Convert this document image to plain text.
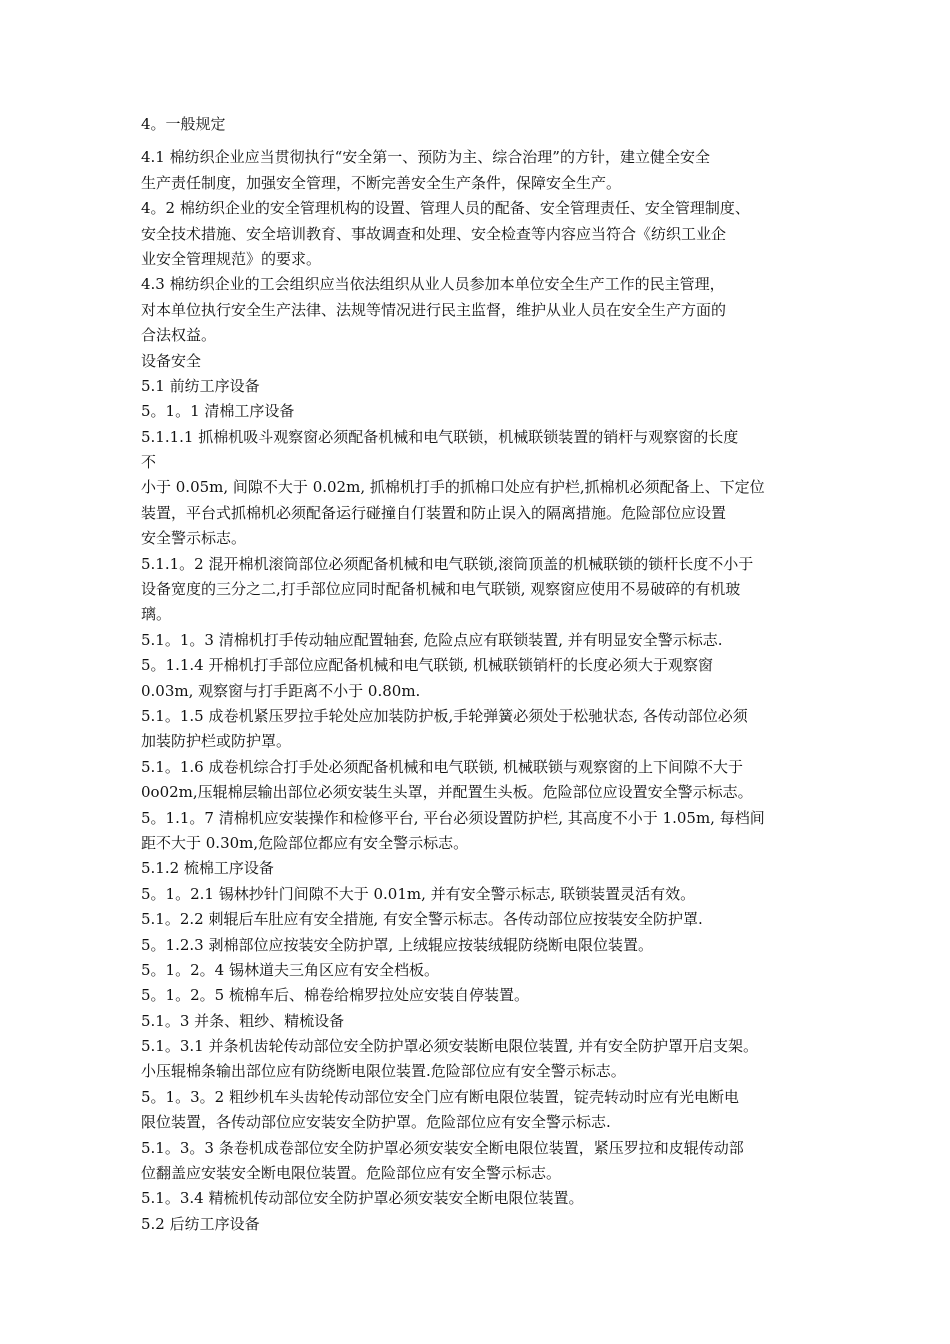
4。一般规定
4.1 棉纺织企业应当贯彻执行“安全第一、预防为主、综合治理”的方针，建立健全安全
生产责任制度，加强安全管理，不断完善安全生产条件，保障安全生产。
4。2 棉纺织企业的安全管理机构的设置、管理人员的配备、安全管理责任、安全管理制度、
安全技术措施、安全培训教育、事故调查和处理、安全检查等内容应当符合《纺织工业企
业安全管理规范》的要求。
4.3 棉纺织企业的工会组织应当依法组织从业人员参加本单位安全生产工作的民主管理，
对本单位执行安全生产法律、法规等情况进行民主监督，维护从业人员在安全生产方面的
合法权益。
设备安全
5.1 前纺工序设备
5。1。1 清棉工序设备
5.1.1.1 抓棉机吸斗观察窗必须配备机械和电气联锁，机械联锁装置的销杆与观察窗的长度
不
小于 0.05m, 间隙不大于 0.02m, 抓棉机打手的抓棉口处应有护栏,抓棉机必须配备上、下定位
装置，平台式抓棉机必须配备运行碰撞自仃装置和防止误入的隔离措施。危险部位应设置
安全警示标志。
5.1.1。2 混开棉机滚筒部位必须配备机械和电气联锁,滚筒顶盖的机械联锁的锁杆长度不小于
设备宽度的三分之二,打手部位应同时配备机械和电气联锁, 观察窗应使用不易破碎的有机玻
璃。
5.1。1。3 清棉机打手传动轴应配置轴套, 危险点应有联锁装置, 并有明显安全警示标志.
5。1.1.4 开棉机打手部位应配备机械和电气联锁, 机械联锁销杆的长度必须大于观察窗
0.03m, 观察窗与打手距离不小于 0.80m.
5.1。1.5 成卷机紧压罗拉手轮处应加装防护板,手轮弹簧必须处于松驰状态, 各传动部位必须
加装防护栏或防护罩。
5.1。1.6 成卷机综合打手处必须配备机械和电气联锁, 机械联锁与观察窗的上下间隙不大于
0o02m,压辊棉层输出部位必须安装生头罩，并配置生头板。危险部位应设置安全警示标志。
5。1.1。7 清棉机应安装操作和检修平台, 平台必须设置防护栏, 其高度不小于 1.05m, 每档间
距不大于 0.30m,危险部位都应有安全警示标志。
5.1.2 梳棉工序设备
5。1。2.1 锡林抄针门间隙不大于 0.01m, 并有安全警示标志, 联锁装置灵活有效。
5.1。2.2 刺辊后车肚应有安全措施, 有安全警示标志。各传动部位应按装安全防护罩.
5。1.2.3 剥棉部位应按装安全防护罩, 上绒辊应按装绒辊防绕断电限位装置。
5。1。2。4 锡林道夫三角区应有安全档板。
5。1。2。5 梳棉车后、棉卷给棉罗拉处应安装自停装置。
5.1。3 并条、粗纱、精梳设备
5.1。3.1 并条机齿轮传动部位安全防护罩必须安装断电限位装置, 并有安全防护罩开启支架。
小压辊棉条输出部位应有防绕断电限位装置.危险部位应有安全警示标志。
5。1。3。2 粗纱机车头齿轮传动部位安全门应有断电限位装置，锭壳转动时应有光电断电
限位装置，各传动部位应安装安全防护罩。危险部位应有安全警示标志.
5.1。3。3 条卷机成卷部位安全防护罩必须安装安全断电限位装置，紧压罗拉和皮辊传动部
位翻盖应安装安全断电限位装置。危险部位应有安全警示标志。
5.1。3.4 精梳机传动部位安全防护罩必须安装安全断电限位装置。
5.2 后纺工序设备
